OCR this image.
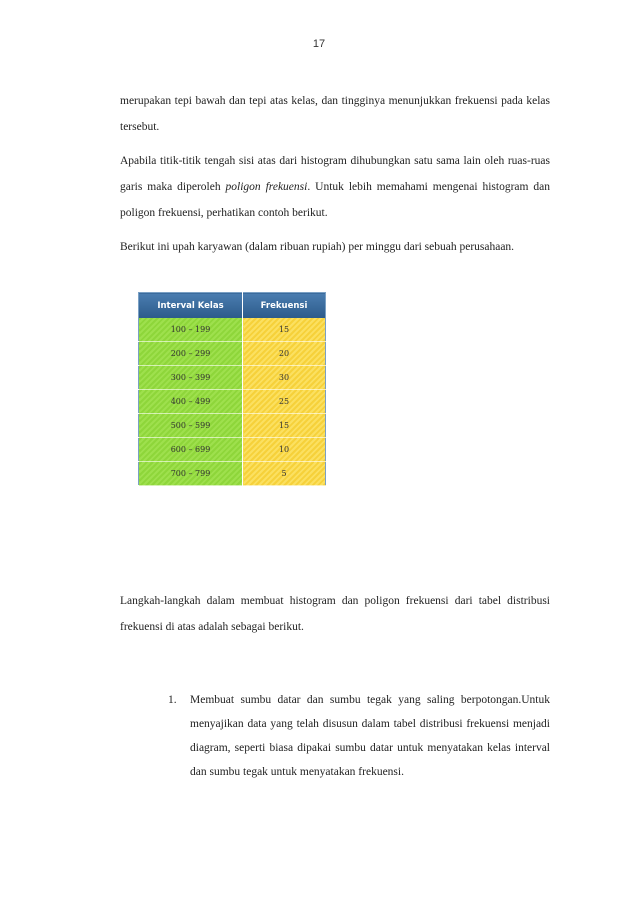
17

merupakan tepi bawah dan tepi atas kelas, dan tingginya menunjukkan frekuensi pada kelas tersebut.

Apabila titik-titik tengah sisi atas dari histogram dihubungkan satu sama lain oleh ruas-ruas garis maka diperoleh poligon frekuensi. Untuk lebih memahami mengenai histogram dan poligon frekuensi, perhatikan contoh berikut.

Berikut ini upah karyawan (dalam ribuan rupiah) per minggu dari sebuah perusahaan.

Interval Kelas	Frekuensi
100 – 199	15
200 – 299	20
300 – 399	30
400 – 499	25
500 – 599	15
600 – 699	10
700 – 799	5

Langkah-langkah dalam membuat histogram dan poligon frekuensi dari tabel distribusi frekuensi di atas adalah sebagai berikut.

1. Membuat sumbu datar dan sumbu tegak yang saling berpotongan.Untuk menyajikan data yang telah disusun dalam tabel distribusi frekuensi menjadi diagram, seperti biasa dipakai sumbu datar untuk menyatakan kelas interval dan sumbu tegak untuk menyatakan frekuensi.
